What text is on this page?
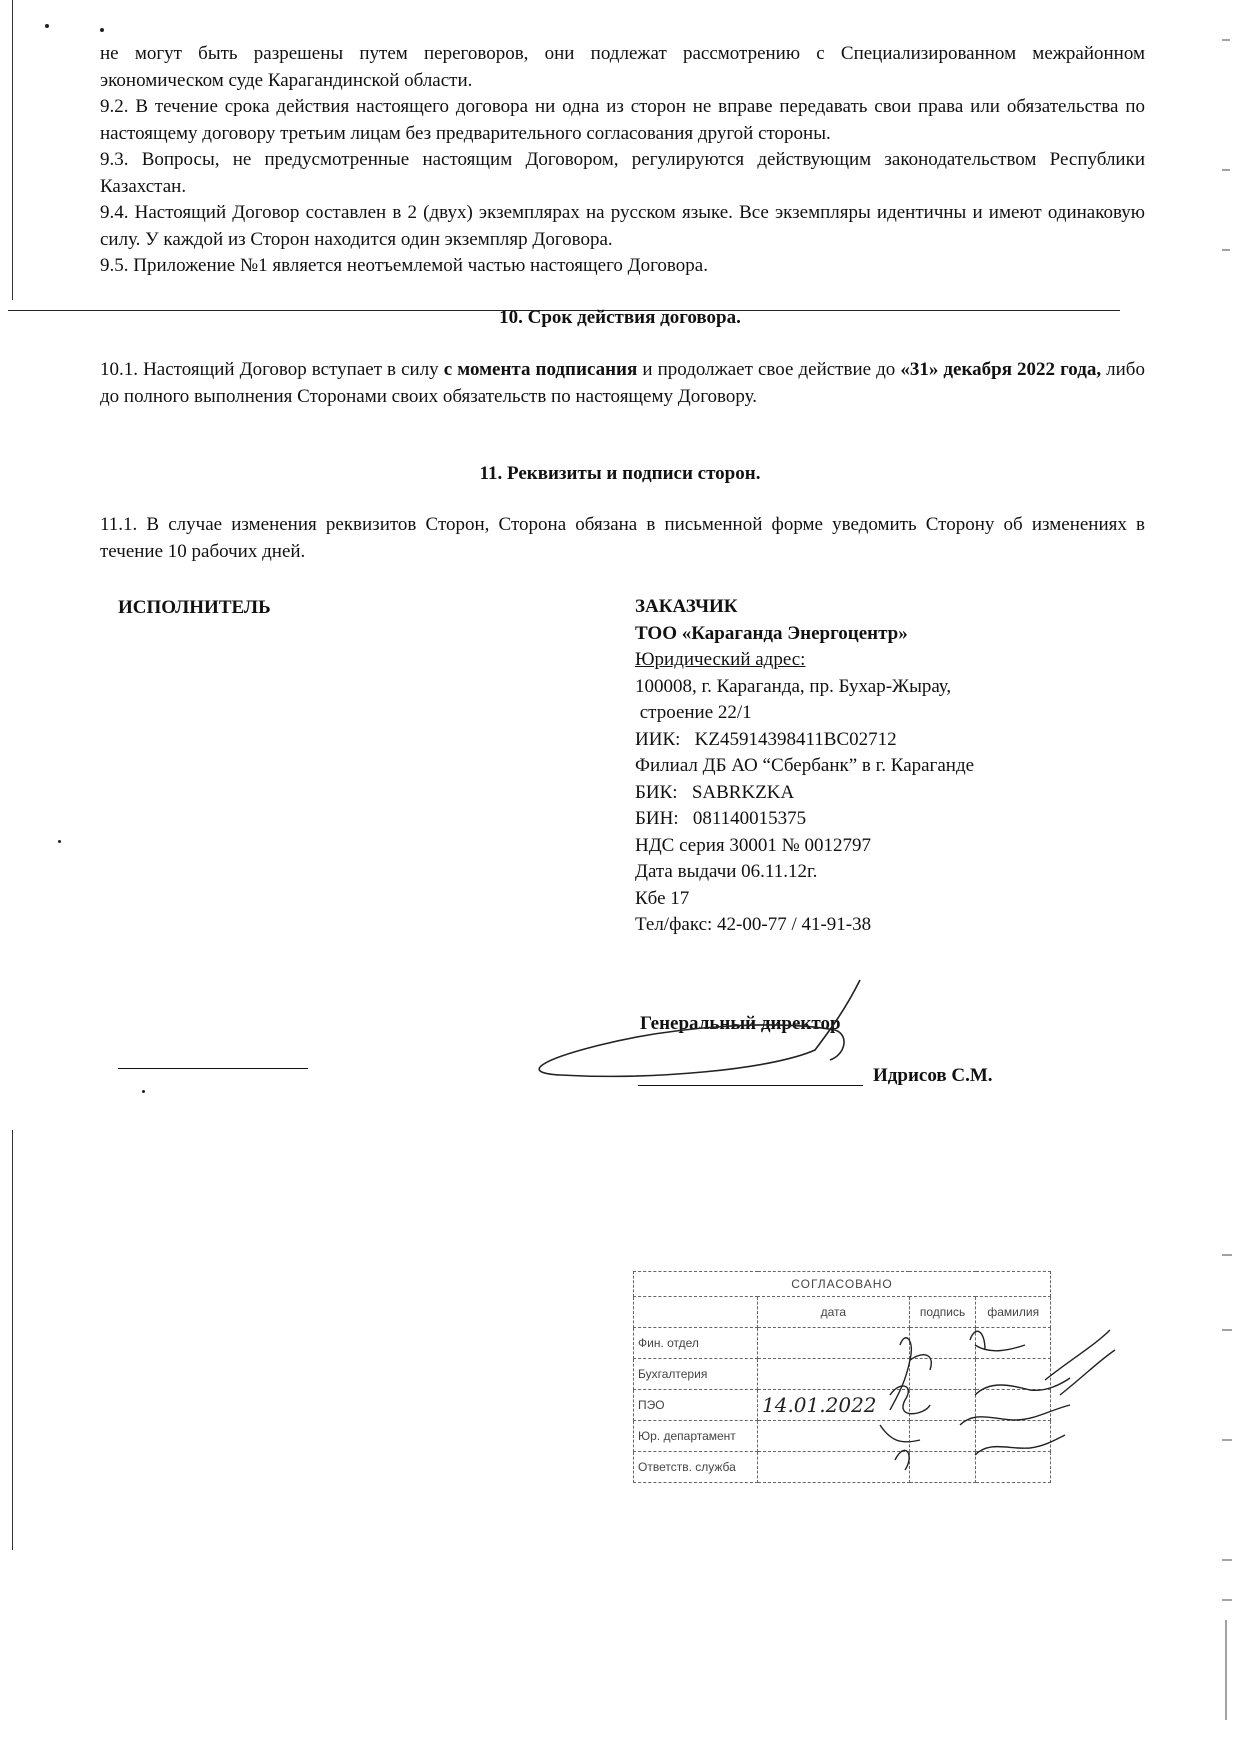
не могут быть разрешены путем переговоров, они подлежат рассмотрению с Специализированном межрайонном экономическом суде Карагандинской области.
9.2. В течение срока действия настоящего договора ни одна из сторон не вправе передавать свои права или обязательства по настоящему договору третьим лицам без предварительного согласования другой стороны.
9.3. Вопросы, не предусмотренные настоящим Договором, регулируются действующим законодательством Республики Казахстан.
9.4. Настоящий Договор составлен в 2 (двух) экземплярах на русском языке. Все экземпляры идентичны и имеют одинаковую силу. У каждой из Сторон находится один экземпляр Договора.
9.5. Приложение №1 является неотъемлемой частью настоящего Договора.
10. Срок действия договора.
10.1. Настоящий Договор вступает в силу с момента подписания и продолжает свое действие до «31» декабря 2022 года, либо до полного выполнения Сторонами своих обязательств по настоящему Договору.
11. Реквизиты и подписи сторон.
11.1. В случае изменения реквизитов Сторон, Сторона обязана в письменной форме уведомить Сторону об изменениях в течение 10 рабочих дней.
ИСПОЛНИТЕЛЬ	ЗАКАЗЧИК
ТОО «Караганда Энергоцентр»
Юридический адрес:
100008, г. Караганда, пр. Бухар-Жырау,
строение 22/1
ИИК:   KZ45914398411BC02712
Филиал ДБ АО “Сбербанк” в г. Караганде
БИК:   SABRKZKA
БИН:   081140015375
НДС серия 30001 № 0012797
Дата выдачи 06.11.12г.
Кбе 17
Тел/факс: 42-00-77 / 41-91-38
Генеральный директор
Идрисов С.М.
СОГЛАСОВАНО			
	дата	подпись	фамилия
Фин. отдел			
Бухгалтерия			
ПЭО	14.01.2022		
Юр. департамент			
Ответств. служба			
